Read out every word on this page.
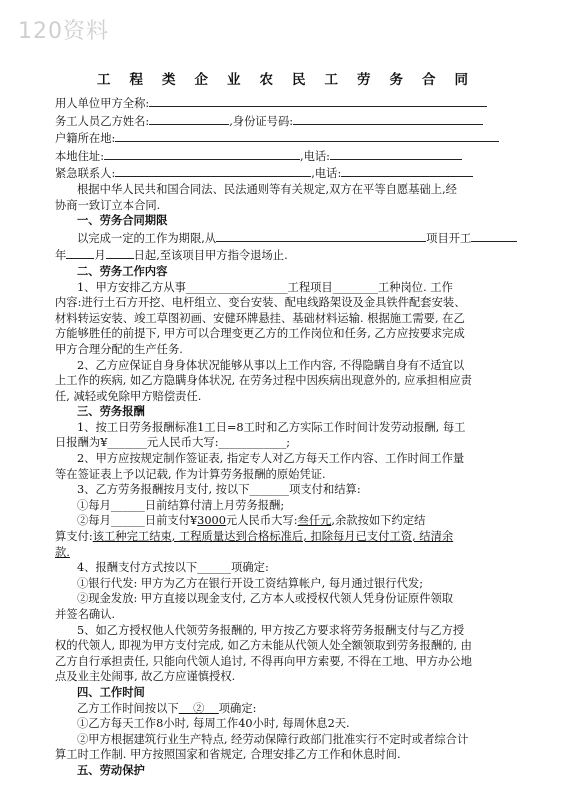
120资料
工程类企业农民工劳务合同
用人单位甲方全称:
务工人员乙方姓名:	,身份证号码:
户籍所在地:
本地住址:	,电话:
紧急联系人:	,电话:
根据中华人民共和国合同法、民法通则等有关规定,双方在平等自愿基础上,经
协商一致订立本合同.
一、劳务合同期限
以完成一定的工作为期限,从	项目开工
年 月 日起,至该项目甲方指令退场止.
二、劳务工作内容
1、甲方安排乙方从事__________________工程项目________工种岗位. 工作
内容:进行土石方开挖、电杆组立、变台安装、配电线路架设及金具铁件配套安装、
材料转运安装、竣工草图初画、安健环牌悬挂、基础材料运输. 根据施工需要, 在乙
方能够胜任的前提下, 甲方可以合理变更乙方的工作岗位和任务, 乙方应按要求完成
甲方合理分配的生产任务.
2、乙方应保证自身身体状况能够从事以上工作内容, 不得隐瞒自身有不适宜以
上工作的疾病, 如乙方隐瞒身体状况, 在劳务过程中因疾病出现意外的, 应承担相应责
任, 减轻或免除甲方赔偿责任.
三、劳务报酬
1、按工日劳务报酬标准1工日=8工时和乙方实际工作时间计发劳动报酬, 每工
日报酬为¥_______元人民币大写:____________;
2、甲方应按规定制作签证表, 指定专人对乙方每天工作内容、工作时间工作量
等在签证表上予以记载, 作为计算劳务报酬的原始凭证.
3、乙方劳务报酬按月支付, 按以下_______项支付和结算:
①每月______日前结算付清上月劳务报酬;
②每月______日前支付¥3000元人民币大写:叁仟元,余款按如下约定结
算支付:该工种完工结束, 工程质量达到合格标准后, 扣除每月已支付工资, 结清余
款.
4、报酬支付方式按以下______项确定:
①银行代发: 甲方为乙方在银行开设工资结算帐户, 每月通过银行代发;
②现金发放: 甲方直接以现金支付, 乙方本人或授权代领人凭身份证原件领取
并签名确认.
5、如乙方授权他人代领劳务报酬的, 甲方按乙方要求将劳务报酬支付与乙方授
权的代领人, 即视为甲方支付完成, 如乙方未能从代领人处全额领取到劳务报酬的, 由
乙方自行承担责任, 只能向代领人追讨, 不得再向甲方索要, 不得在工地、甲方办公地
点及业主处闹事, 故乙方应谨慎授权.
四、工作时间
乙方工作时间按以下 ② 项确定:
①乙方每天工作8小时, 每周工作40小时, 每周休息2天.
②甲方根据建筑行业生产特点, 经劳动保障行政部门批准实行不定时或者综合计
算工时工作制. 甲方按照国家和省规定, 合理安排乙方工作和休息时间.
五、劳动保护
